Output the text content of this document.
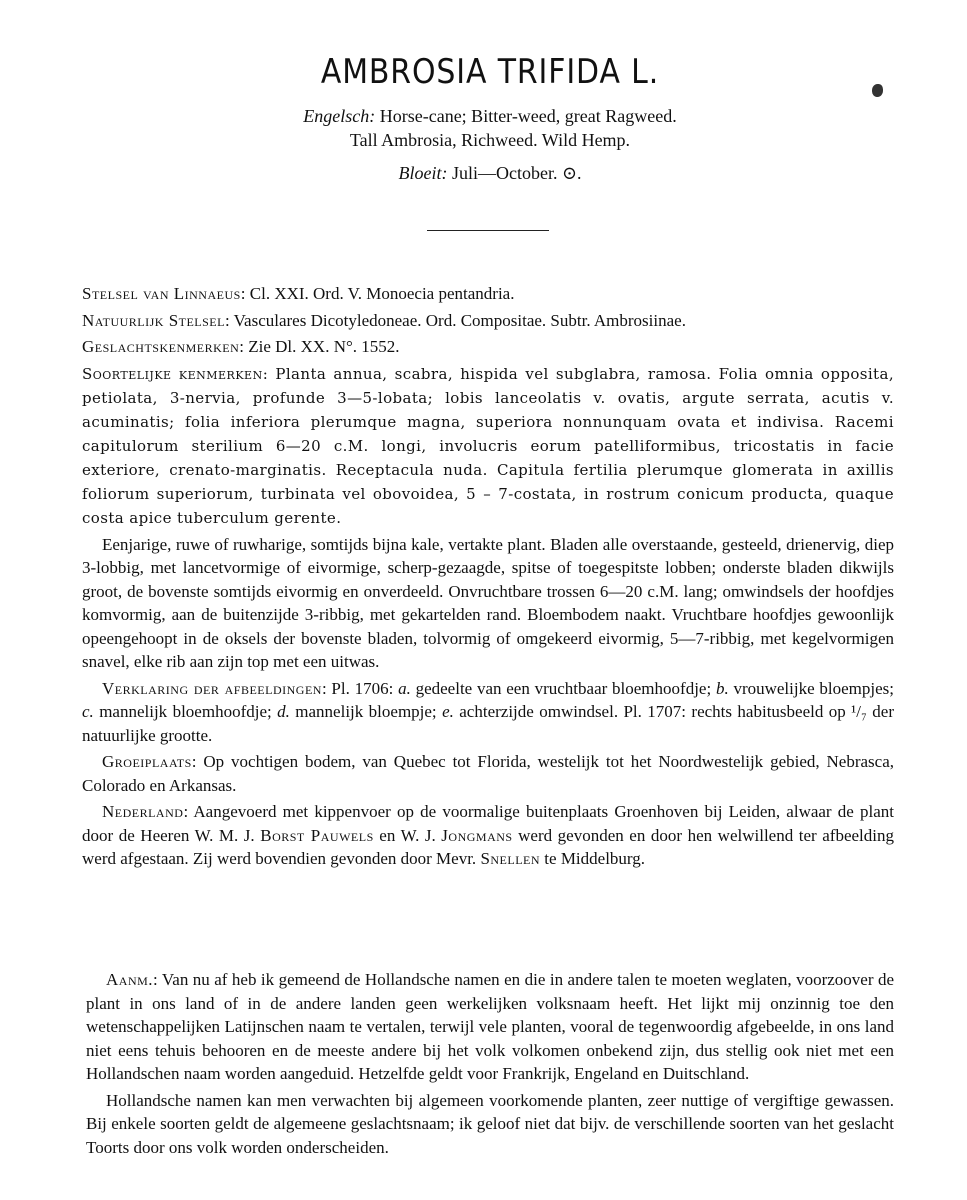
AMBROSIA TRIFIDA L.
Engelsch: Horse-cane; Bitter-weed, great Ragweed.
Tall Ambrosia, Richweed. Wild Hemp.
Bloeit: Juli—October. ⊙.

Stelsel van Linnaeus: Cl. XXI. Ord. V. Monoecia pentandria.

Natuurlijk Stelsel: Vasculares Dicotyledoneae. Ord. Compositae. Subtr. Ambrosiinae.

Geslachtskenmerken: Zie Dl. XX. N°. 1552.

Soortelijke kenmerken: Planta annua, scabra, hispida vel subglabra, ramosa. Folia omnia opposita, petiolata, 3-nervia, profunde 3—5-lobata; lobis lanceolatis v. ovatis, argute serrata, acutis v. acuminatis; folia inferiora plerumque magna, superiora nonnunquam ovata et indivisa. Racemi capitulorum sterilium 6—20 c.M. longi, involucris eorum patelliformibus, tricostatis in facie exteriore, crenato-marginatis. Receptacula nuda. Capitula fertilia plerumque glomerata in axillis foliorum superiorum, turbinata vel obovoidea, 5 – 7-costata, in rostrum conicum producta, quaque costa apice tuberculum gerente.

Eenjarige, ruwe of ruwharige, somtijds bijna kale, vertakte plant. Bladen alle overstaande, gesteeld, drienervig, diep 3-lobbig, met lancetvormige of eivormige, scherp-gezaagde, spitse of toegespitste lobben; onderste bladen dikwijls groot, de bovenste somtijds eivormig en onverdeeld. Onvruchtbare trossen 6—20 c.M. lang; omwindsels der hoofdjes komvormig, aan de buitenzijde 3-ribbig, met gekartelden rand. Bloembodem naakt. Vruchtbare hoofdjes gewoonlijk opeengehoopt in de oksels der bovenste bladen, tolvormig of omgekeerd eivormig, 5—7-ribbig, met kegelvormigen snavel, elke rib aan zijn top met een uitwas.

Verklaring der afbeeldingen: Pl. 1706: a. gedeelte van een vruchtbaar bloemhoofdje; b. vrouwelijke bloempjes; c. mannelijk bloemhoofdje; d. mannelijk bloempje; e. achterzijde omwindsel. Pl. 1707: rechts habitusbeeld op ¹/₇ der natuurlijke grootte.

Groeiplaats: Op vochtigen bodem, van Quebec tot Florida, westelijk tot het Noordwestelijk gebied, Nebrasca, Colorado en Arkansas.

Nederland: Aangevoerd met kippenvoer op de voormalige buitenplaats Groenhoven bij Leiden, alwaar de plant door de Heeren W. M. J. Borst Pauwels en W. J. Jongmans werd gevonden en door hen welwillend ter afbeelding werd afgestaan. Zij werd bovendien gevonden door Mevr. Snellen te Middelburg.

Aanm.: Van nu af heb ik gemeend de Hollandsche namen en die in andere talen te moeten weglaten, voorzoover de plant in ons land of in de andere landen geen werkelijken volksnaam heeft. Het lijkt mij onzinnig toe den wetenschappelijken Latijnschen naam te vertalen, terwijl vele planten, vooral de tegenwoordig afgebeelde, in ons land niet eens tehuis behooren en de meeste andere bij het volk volkomen onbekend zijn, dus stellig ook niet met een Hollandschen naam worden aangeduid. Hetzelfde geldt voor Frankrijk, Engeland en Duitschland.

Hollandsche namen kan men verwachten bij algemeen voorkomende planten, zeer nuttige of vergiftige gewassen. Bij enkele soorten geldt de algemeene geslachtsnaam; ik geloof niet dat bijv. de verschillende soorten van het geslacht Toorts door ons volk worden onderscheiden.
